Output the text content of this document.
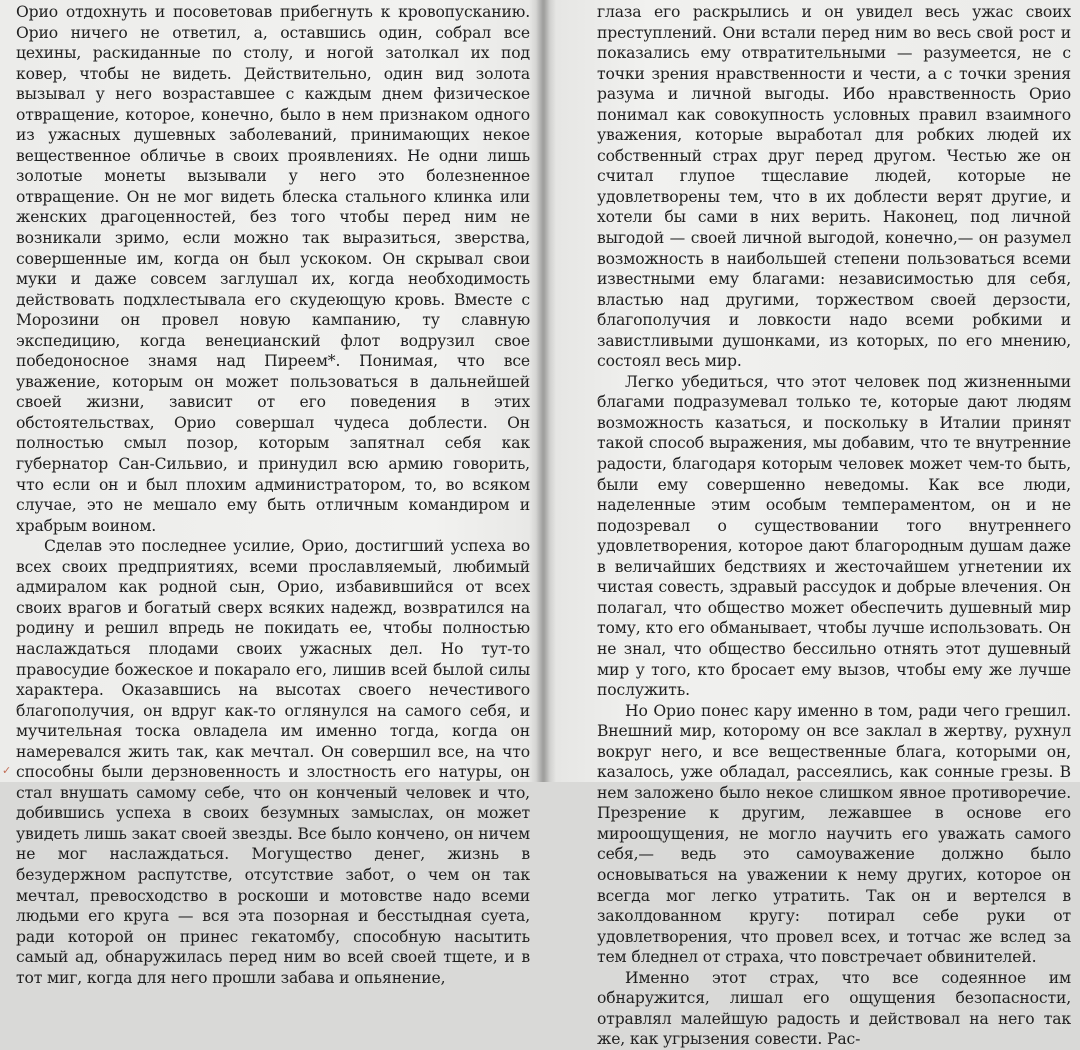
Орио отдохнуть и посоветовав прибегнуть к кровопусканию. Орио ничего не ответил, а, оставшись один, собрал все цехины, раскиданные по столу, и ногой затолкал их под ковер, чтобы не видеть. Действительно, один вид золота вызывал у него возраставшее с каждым днем физическое отвращение, которое, конечно, было в нем признаком одного из ужасных душевных заболеваний, принимающих некое вещественное обличье в своих проявлениях. Не одни лишь золотые монеты вызывали у него это болезненное отвращение. Он не мог видеть блеска стального клинка или женских драгоценностей, без того чтобы перед ним не возникали зримо, если можно так выразиться, зверства, совершенные им, когда он был ускоком. Он скрывал свои муки и даже совсем заглушал их, когда необходимость действовать подхлестывала его скудеющую кровь. Вместе с Морозини он провел новую кампанию, ту славную экспедицию, когда венецианский флот водрузил свое победоносное знамя над Пиреем*. Понимая, что все уважение, которым он может пользоваться в дальнейшей своей жизни, зависит от его поведения в этих обстоятельствах, Орио совершал чудеса доблести. Он полностью смыл позор, которым запятнал себя как губернатор Сан-Сильвио, и принудил всю армию говорить, что если он и был плохим администратором, то, во всяком случае, это не мешало ему быть отличным командиром и храбрым воином.

Сделав это последнее усилие, Орио, достигший успеха во всех своих предприятиях, всеми прославляемый, любимый адмиралом как родной сын, Орио, избавившийся от всех своих врагов и богатый сверх всяких надежд, возвратился на родину и решил впредь не покидать ее, чтобы полностью наслаждаться плодами своих ужасных дел. Но тут-то правосудие божеское и покарало его, лишив всей былой силы характера. Оказавшись на высотах своего нечестивого благополучия, он вдруг как-то оглянулся на самого себя, и мучительная тоска овладела им именно тогда, когда он намеревался жить так, как мечтал. Он совершил все, на что способны были дерзновенность и злостность его натуры, он стал внушать самому себе, что он конченый человек и что, добившись успеха в своих безумных замыслах, он может увидеть лишь закат своей звезды. Все было кончено, он ничем не мог наслаждаться. Могущество денег, жизнь в безудержном распутстве, отсутствие забот, о чем он так мечтал, превосходство в роскоши и мотовстве надо всеми людьми его круга — вся эта позорная и бесстыдная суета, ради которой он принес гекатомбу, способную насытить самый ад, обнаружилась перед ним во всей своей тщете, и в тот миг, когда для него прошли забава и опьянение,

глаза его раскрылись и он увидел весь ужас своих преступлений. Они встали перед ним во весь свой рост и показались ему отвратительными — разумеется, не с точки зрения нравственности и чести, а с точки зрения разума и личной выгоды. Ибо нравственность Орио понимал как совокупность условных правил взаимного уважения, которые выработал для робких людей их собственный страх друг перед другом. Честью же он считал глупое тщеславие людей, которые не удовлетворены тем, что в их доблести верят другие, и хотели бы сами в них верить. Наконец, под личной выгодой — своей личной выгодой, конечно,— он разумел возможность в наибольшей степени пользоваться всеми известными ему благами: независимостью для себя, властью над другими, торжеством своей дерзости, благополучия и ловкости надо всеми робкими и завистливыми душонками, из которых, по его мнению, состоял весь мир.

Легко убедиться, что этот человек под жизненными благами подразумевал только те, которые дают людям возможность казаться, и поскольку в Италии принят такой способ выражения, мы добавим, что те внутренние радости, благодаря которым человек может чем-то быть, были ему совершенно неведомы. Как все люди, наделенные этим особым темпераментом, он и не подозревал о существовании того внутреннего удовлетворения, которое дают благородным душам даже в величайших бедствиях и жесточайшем угнетении их чистая совесть, здравый рассудок и добрые влечения. Он полагал, что общество может обеспечить душевный мир тому, кто его обманывает, чтобы лучше использовать. Он не знал, что общество бессильно отнять этот душевный мир у того, кто бросает ему вызов, чтобы ему же лучше послужить.

Но Орио понес кару именно в том, ради чего грешил. Внешний мир, которому он все заклал в жертву, рухнул вокруг него, и все вещественные блага, которыми он, казалось, уже обладал, рассеялись, как сонные грезы. В нем заложено было некое слишком явное противоречие. Презрение к другим, лежавшее в основе его мироощущения, не могло научить его уважать самого себя,— ведь это самоуважение должно было основываться на уважении к нему других, которое он всегда мог легко утратить. Так он и вертелся в заколдованном кругу: потирал себе руки от удовлетворения, что провел всех, и тотчас же вслед за тем бледнел от страха, что повстречает обвинителей.

Именно этот страх, что все содеянное им обнаружится, лишал его ощущения безопасности, отравлял малейшую радость и действовал на него так же, как угрызения совести. Рас-

✓
